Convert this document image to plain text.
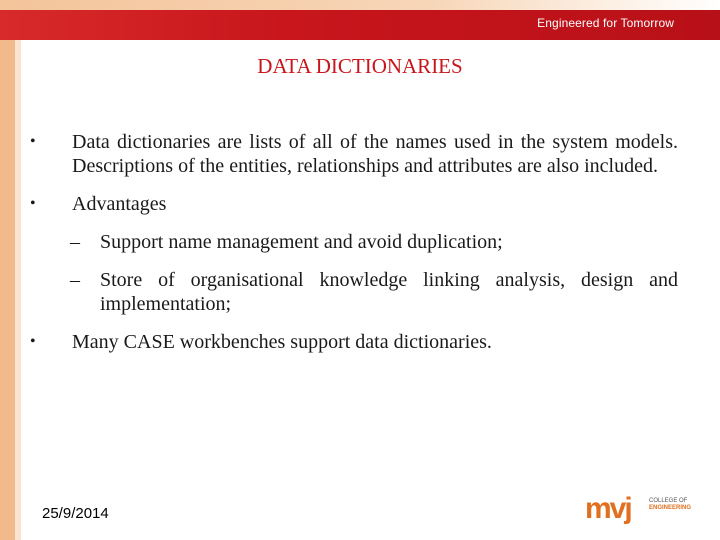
Engineered for Tomorrow
DATA DICTIONARIES
•	Data dictionaries are lists of all of the names used in the system models. Descriptions of the entities, relationships and attributes are also included.
•	Advantages
–	Support name management and avoid duplication;
–	Store of organisational knowledge linking analysis, design and implementation;
•	Many CASE workbenches support data dictionaries.
25/9/2014	mvj	COLLEGE OF
ENGINEERING
